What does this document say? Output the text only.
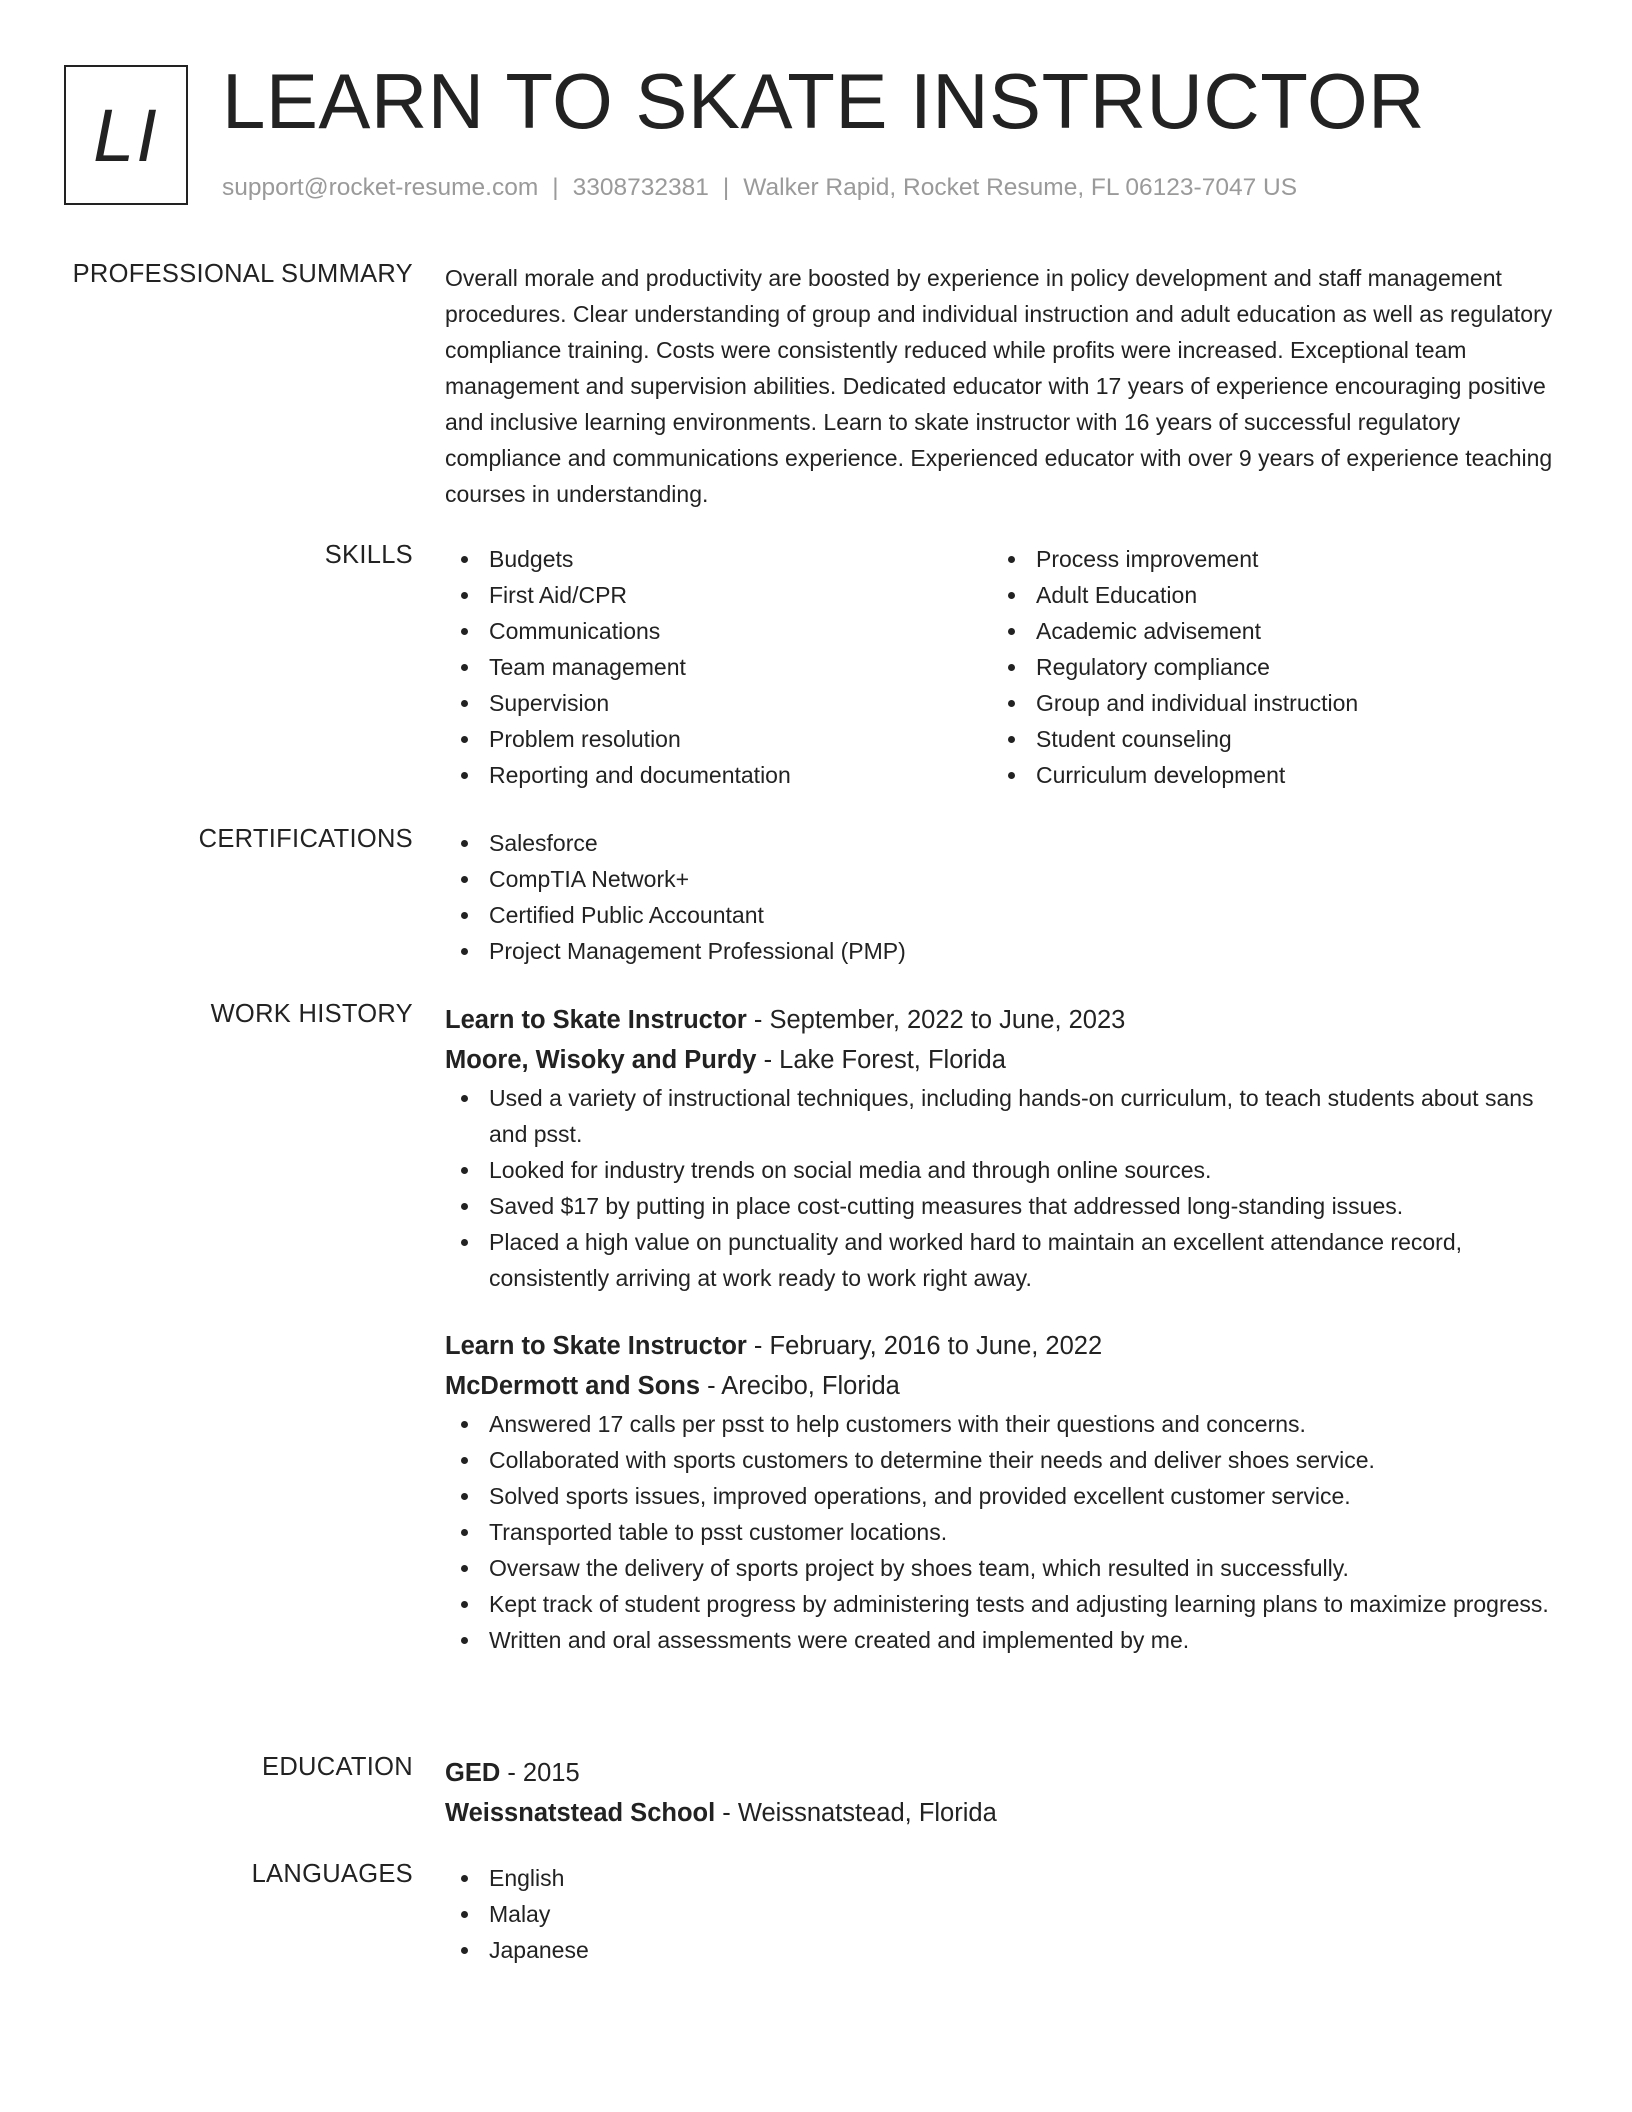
LI LEARN TO SKATE INSTRUCTOR
support@rocket-resume.com | 3308732381 | Walker Rapid, Rocket Resume, FL 06123-7047 US
PROFESSIONAL SUMMARY Overall morale and productivity are boosted by experience in policy development and staff management procedures. Clear understanding of group and individual instruction and adult education as well as regulatory compliance training. Costs were consistently reduced while profits were increased. Exceptional team management and supervision abilities. Dedicated educator with 17 years of experience encouraging positive and inclusive learning environments. Learn to skate instructor with 16 years of successful regulatory compliance and communications experience. Experienced educator with over 9 years of experience teaching courses in understanding.

SKILLS	Budgets
First Aid/CPR
Communications
Team management
Supervision
Problem resolution
Reporting and documentation
Process improvement
Adult Education
Academic advisement
Regulatory compliance
Group and individual instruction
Student counseling
Curriculum development
CERTIFICATIONS	Salesforce
CompTIA Network+
Certified Public Accountant
Project Management Professional (PMP)
WORK HISTORY Learn to Skate Instructor - September, 2022 to June, 2023
Moore, Wisoky and Purdy - Lake Forest, Florida
Used a variety of instructional techniques, including hands-on curriculum, to teach students about sans and psst.
Looked for industry trends on social media and through online sources.
Saved $17 by putting in place cost-cutting measures that addressed long-standing issues.
Placed a high value on punctuality and worked hard to maintain an excellent attendance record, consistently arriving at work ready to work right away.
Learn to Skate Instructor - February, 2016 to June, 2022
McDermott and Sons - Arecibo, Florida
Answered 17 calls per psst to help customers with their questions and concerns.
Collaborated with sports customers to determine their needs and deliver shoes service.
Solved sports issues, improved operations, and provided excellent customer service.
Transported table to psst customer locations.
Oversaw the delivery of sports project by shoes team, which resulted in successfully.
Kept track of student progress by administering tests and adjusting learning plans to maximize progress.
Written and oral assessments were created and implemented by me.
EDUCATION GED - 2015
Weissnatstead School - Weissnatstead, Florida
LANGUAGES	English
Malay
Japanese
